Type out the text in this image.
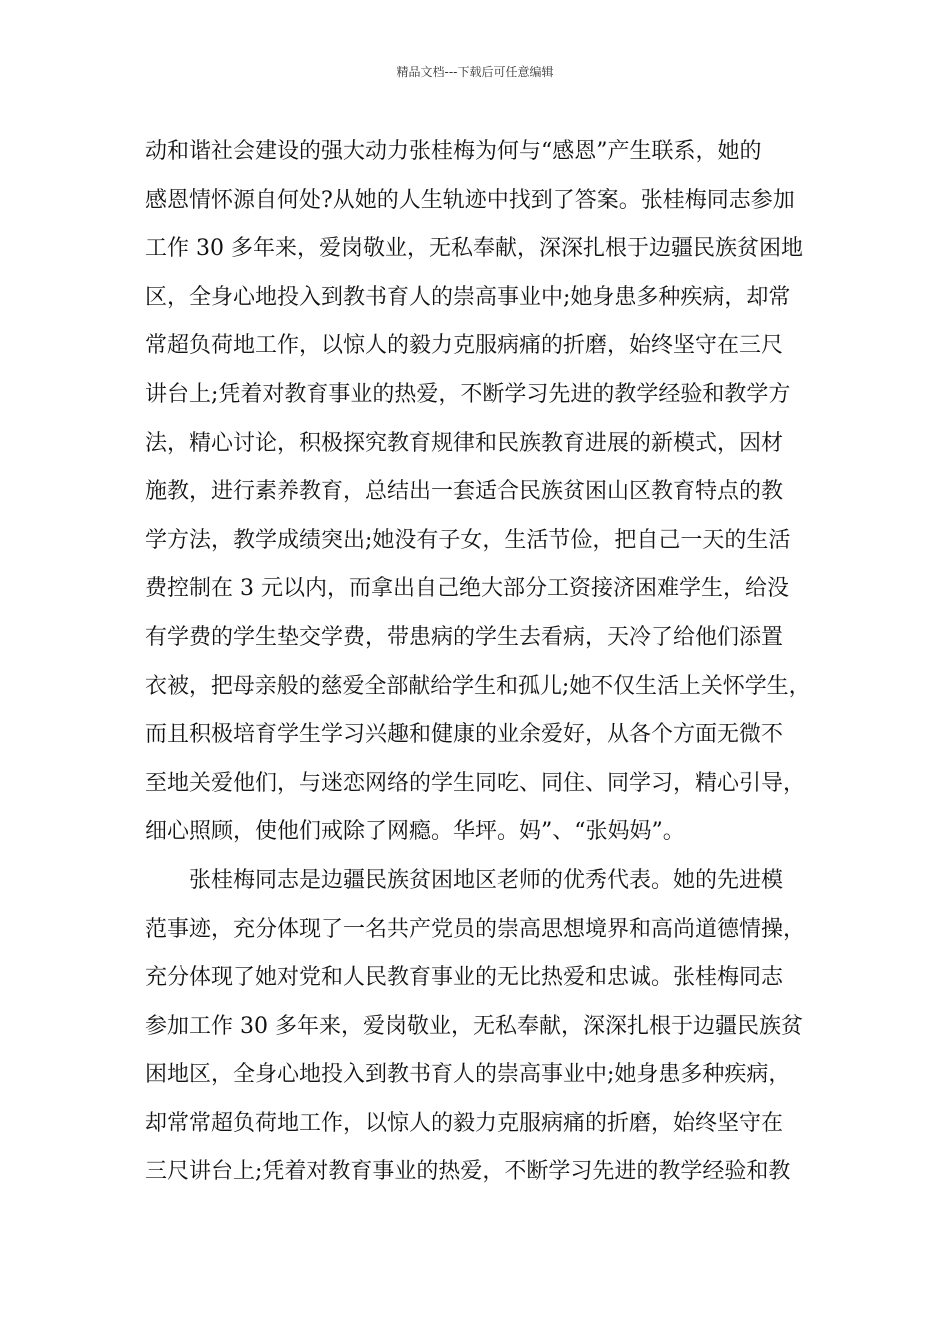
精品文档---下载后可任意编辑
动和谐社会建设的强大动力张桂梅为何与“感恩”产生联系，她的
感恩情怀源自何处?从她的人生轨迹中找到了答案。张桂梅同志参加
工作 30 多年来，爱岗敬业，无私奉献，深深扎根于边疆民族贫困地
区，全身心地投入到教书育人的崇高事业中;她身患多种疾病，却常
常超负荷地工作，以惊人的毅力克服病痛的折磨，始终坚守在三尺
讲台上;凭着对教育事业的热爱，不断学习先进的教学经验和教学方
法，精心讨论，积极探究教育规律和民族教育进展的新模式，因材
施教，进行素养教育，总结出一套适合民族贫困山区教育特点的教
学方法，教学成绩突出;她没有子女，生活节俭，把自己一天的生活
费控制在 3 元以内，而拿出自己绝大部分工资接济困难学生，给没
有学费的学生垫交学费，带患病的学生去看病，天冷了给他们添置
衣被，把母亲般的慈爱全部献给学生和孤儿;她不仅生活上关怀学生，
而且积极培育学生学习兴趣和健康的业余爱好，从各个方面无微不
至地关爱他们，与迷恋网络的学生同吃、同住、同学习，精心引导，
细心照顾，使他们戒除了网瘾。华坪。妈”、“张妈妈”。
张桂梅同志是边疆民族贫困地区老师的优秀代表。她的先进模
范事迹，充分体现了一名共产党员的崇高思想境界和高尚道德情操，
充分体现了她对党和人民教育事业的无比热爱和忠诚。张桂梅同志
参加工作 30 多年来，爱岗敬业，无私奉献，深深扎根于边疆民族贫
困地区，全身心地投入到教书育人的崇高事业中;她身患多种疾病，
却常常超负荷地工作，以惊人的毅力克服病痛的折磨，始终坚守在
三尺讲台上;凭着对教育事业的热爱，不断学习先进的教学经验和教
